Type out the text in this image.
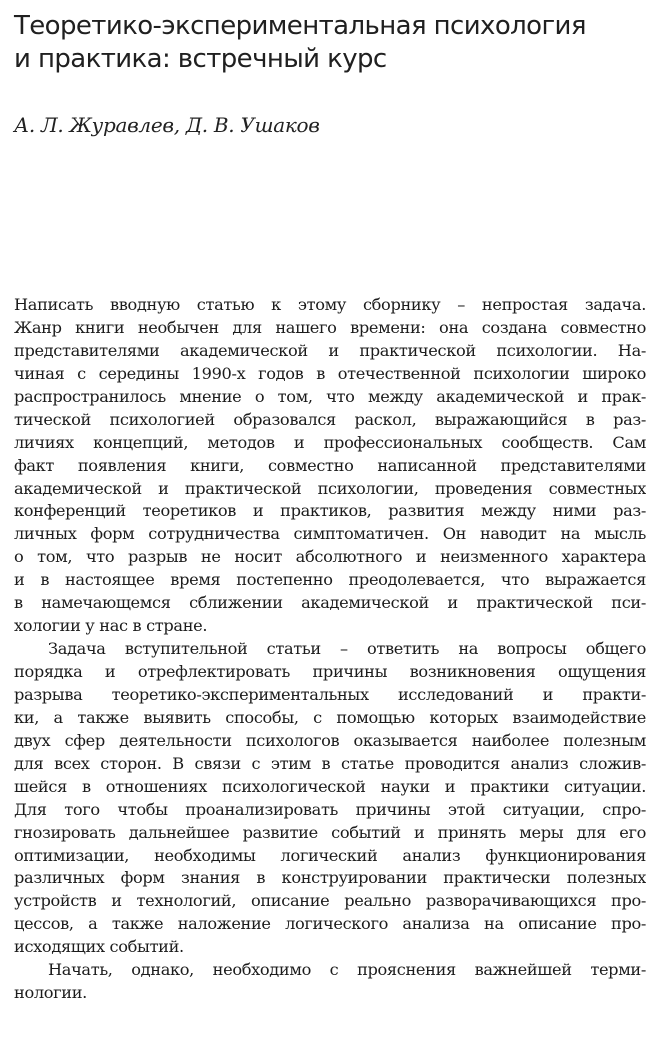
Теоретико-экспериментальная психология
и практика: встречный курс

А. Л. Журавлев, Д. В. Ушаков

Написать вводную статью к этому сборнику – непростая задача.
Жанр книги необычен для нашего времени: она создана совместно
представителями академической и практической психологии. На-
чиная с середины 1990-х годов в отечественной психологии широко
распространилось мнение о том, что между академической и прак-
тической психологией образовался раскол, выражающийся в раз-
личиях концепций, методов и профессиональных сообществ. Сам
факт появления книги, совместно написанной представителями
академической и практической психологии, проведения совместных
конференций теоретиков и практиков, развития между ними раз-
личных форм сотрудничества симптоматичен. Он наводит на мысль
о том, что разрыв не носит абсолютного и неизменного характера
и в настоящее время постепенно преодолевается, что выражается
в намечающемся сближении академической и практической пси-
хологии у нас в стране.
Задача вступительной статьи – ответить на вопросы общего
порядка и отрефлектировать причины возникновения ощущения
разрыва теоретико-экспериментальных исследований и практи-
ки, а также выявить способы, с помощью которых взаимодействие
двух сфер деятельности психологов оказывается наиболее полезным
для всех сторон. В связи с этим в статье проводится анализ сложив-
шейся в отношениях психологической науки и практики ситуации.
Для того чтобы проанализировать причины этой ситуации, спро-
гнозировать дальнейшее развитие событий и принять меры для его
оптимизации, необходимы логический анализ функционирования
различных форм знания в конструировании практически полезных
устройств и технологий, описание реально разворачивающихся про-
цессов, а также наложение логического анализа на описание про-
исходящих событий.
Начать, однако, необходимо с прояснения важнейшей терми-
нологии.
